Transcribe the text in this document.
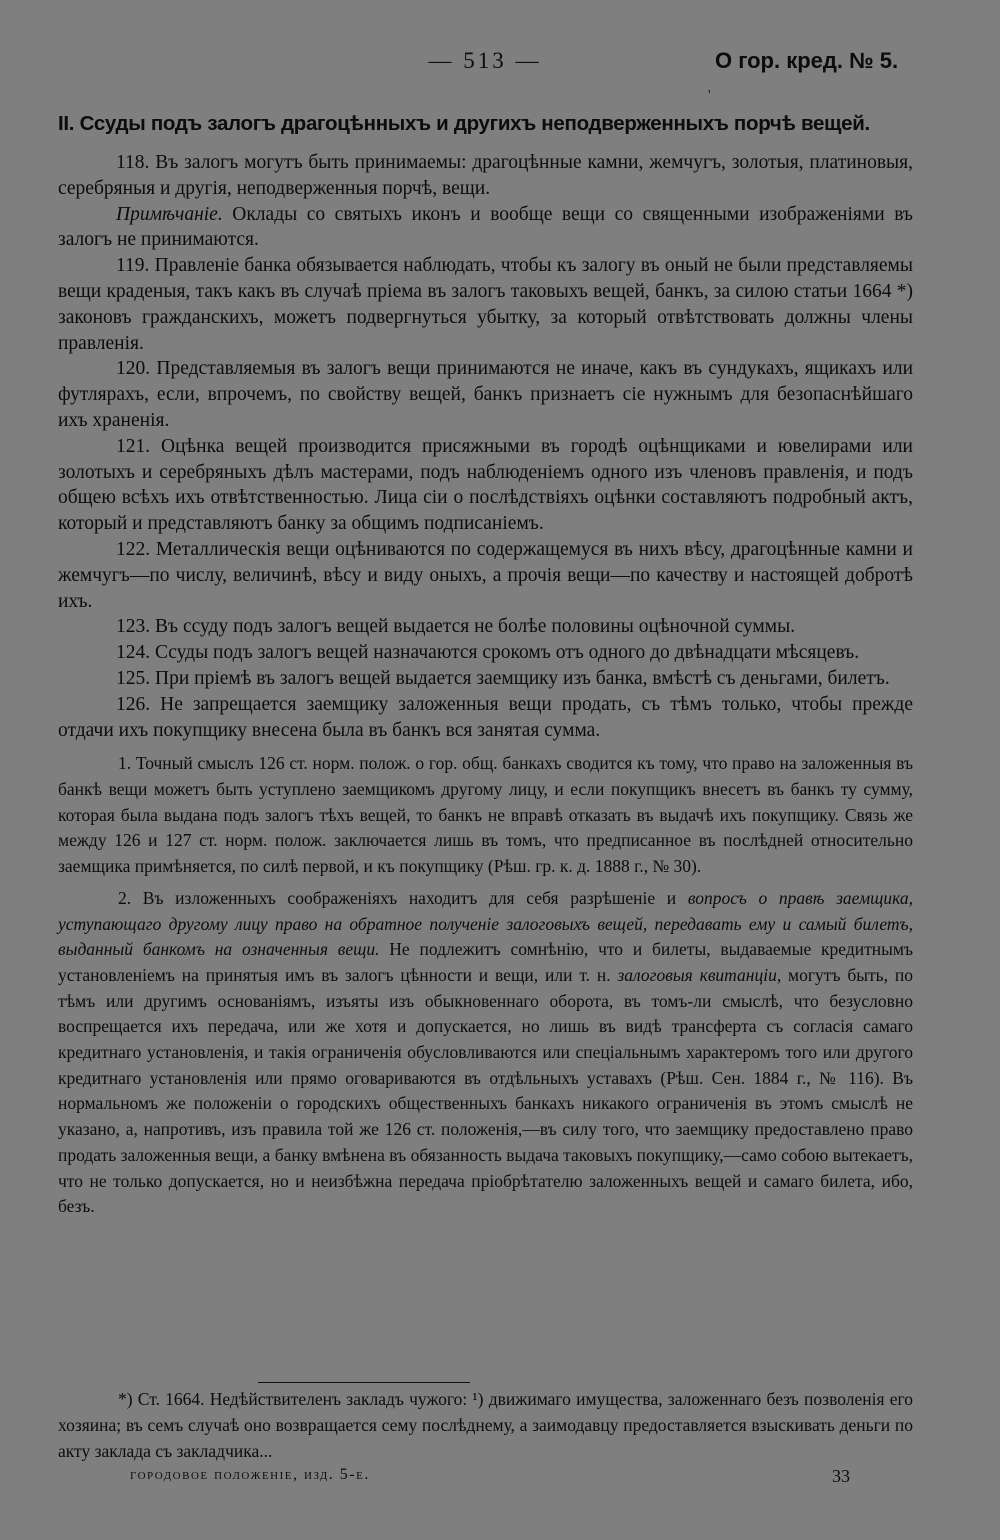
— 513 —	О гор. кред. № 5.
'
II. Ссуды подъ залогъ драгоцѣнныхъ и другихъ неподверженныхъ порчѣ вещей.

118. Въ залогъ могутъ быть принимаемы: драгоцѣнные камни, жемчугъ, золотыя, платиновыя, серебряныя и другія, неподверженныя порчѣ, вещи.

Примѣчаніе. Оклады со святыхъ иконъ и вообще вещи со священными изображеніями въ залогъ не принимаются.

119. Правленіе банка обязывается наблюдать, чтобы къ залогу въ оный не были представляемы вещи краденыя, такъ какъ въ случаѣ пріема въ залогъ таковыхъ вещей, банкъ, за силою статьи 1664 *) законовъ гражданскихъ, можетъ подвергнуться убытку, за который отвѣтствовать должны члены правленія.

120. Представляемыя въ залогъ вещи принимаются не иначе, какъ въ сундукахъ, ящикахъ или футлярахъ, если, впрочемъ, по свойству вещей, банкъ признаетъ сіе нужнымъ для безопаснѣйшаго ихъ храненія.

121. Оцѣнка вещей производится присяжными въ городѣ оцѣнщиками и ювелирами или золотыхъ и серебряныхъ дѣлъ мастерами, подъ наблюденіемъ одного изъ членовъ правленія, и подъ общею всѣхъ ихъ отвѣтственностью. Лица сіи о послѣдствіяхъ оцѣнки составляютъ подробный актъ, который и представляютъ банку за общимъ подписаніемъ.

122. Металлическія вещи оцѣниваются по содержащемуся въ нихъ вѣсу, драгоцѣнные камни и жемчугъ—по числу, величинѣ, вѣсу и виду оныхъ, а прочія вещи—по качеству и настоящей добротѣ ихъ.

123. Въ ссуду подъ залогъ вещей выдается не болѣе половины оцѣночной суммы.

124. Ссуды подъ залогъ вещей назначаются срокомъ отъ одного до двѣнадцати мѣсяцевъ.

125. При пріемѣ въ залогъ вещей выдается заемщику изъ банка, вмѣстѣ съ деньгами, билетъ.

126. Не запрещается заемщику заложенныя вещи продать, съ тѣмъ только, чтобы прежде отдачи ихъ покупщику внесена была въ банкъ вся занятая сумма.

1. Точный смыслъ 126 ст. норм. полож. о гор. общ. банкахъ сводится къ тому, что право на заложенныя въ банкѣ вещи можетъ быть уступлено заемщикомъ другому лицу, и если покупщикъ внесетъ въ банкъ ту сумму, которая была выдана подъ залогъ тѣхъ вещей, то банкъ не вправѣ отказать въ выдачѣ ихъ покупщику. Связь же между 126 и 127 ст. норм. полож. заключается лишь въ томъ, что предписанное въ послѣдней относительно заемщика примѣняется, по силѣ первой, и къ покупщику (Рѣш. гр. к. д. 1888 г., № 30).

2. Въ изложенныхъ соображеніяхъ находитъ для себя разрѣшеніе и вопросъ о правѣ заемщика, уступающаго другому лицу право на обратное полученіе залоговыхъ вещей, передавать ему и самый билетъ, выданный банкомъ на означенныя вещи. Не подлежитъ сомнѣнію, что и билеты, выдаваемые кредитнымъ установленіемъ на принятыя имъ въ залогъ цѣнности и вещи, или т. н. залоговыя квитанціи, могутъ быть, по тѣмъ или другимъ основаніямъ, изъяты изъ обыкновеннаго оборота, въ томъ-ли смыслѣ, что безусловно воспрещается ихъ передача, или же хотя и допускается, но лишь въ видѣ трансферта съ согласія самаго кредитнаго установленія, и такія ограниченія обусловливаются или спеціальнымъ характеромъ того или другого кредитнаго установленія или прямо оговариваются въ отдѣльныхъ уставахъ (Рѣш. Сен. 1884 г., № 116). Въ нормальномъ же положеніи о городскихъ общественныхъ банкахъ никакого ограниченія въ этомъ смыслѣ не указано, а, напротивъ, изъ правила той же 126 ст. положенія,—въ силу того, что заемщику предоставлено право продать заложенныя вещи, а банку вмѣнена въ обязанность выдача таковыхъ покупщику,—само собою вытекаетъ, что не только допускается, но и неизбѣжна передача пріобрѣтателю заложенныхъ вещей и самаго билета, ибо, безъ.

*) Ст. 1664. Недѣйствителенъ закладъ чужого: ¹) движимаго имущества, заложеннаго безъ позволенія его хозяина; въ семъ случаѣ оно возвращается сему послѣднему, а заимодавцу предоставляется взыскивать деньги по акту заклада съ закладчика...

городовое положеніе, изд. 5-е.	33
